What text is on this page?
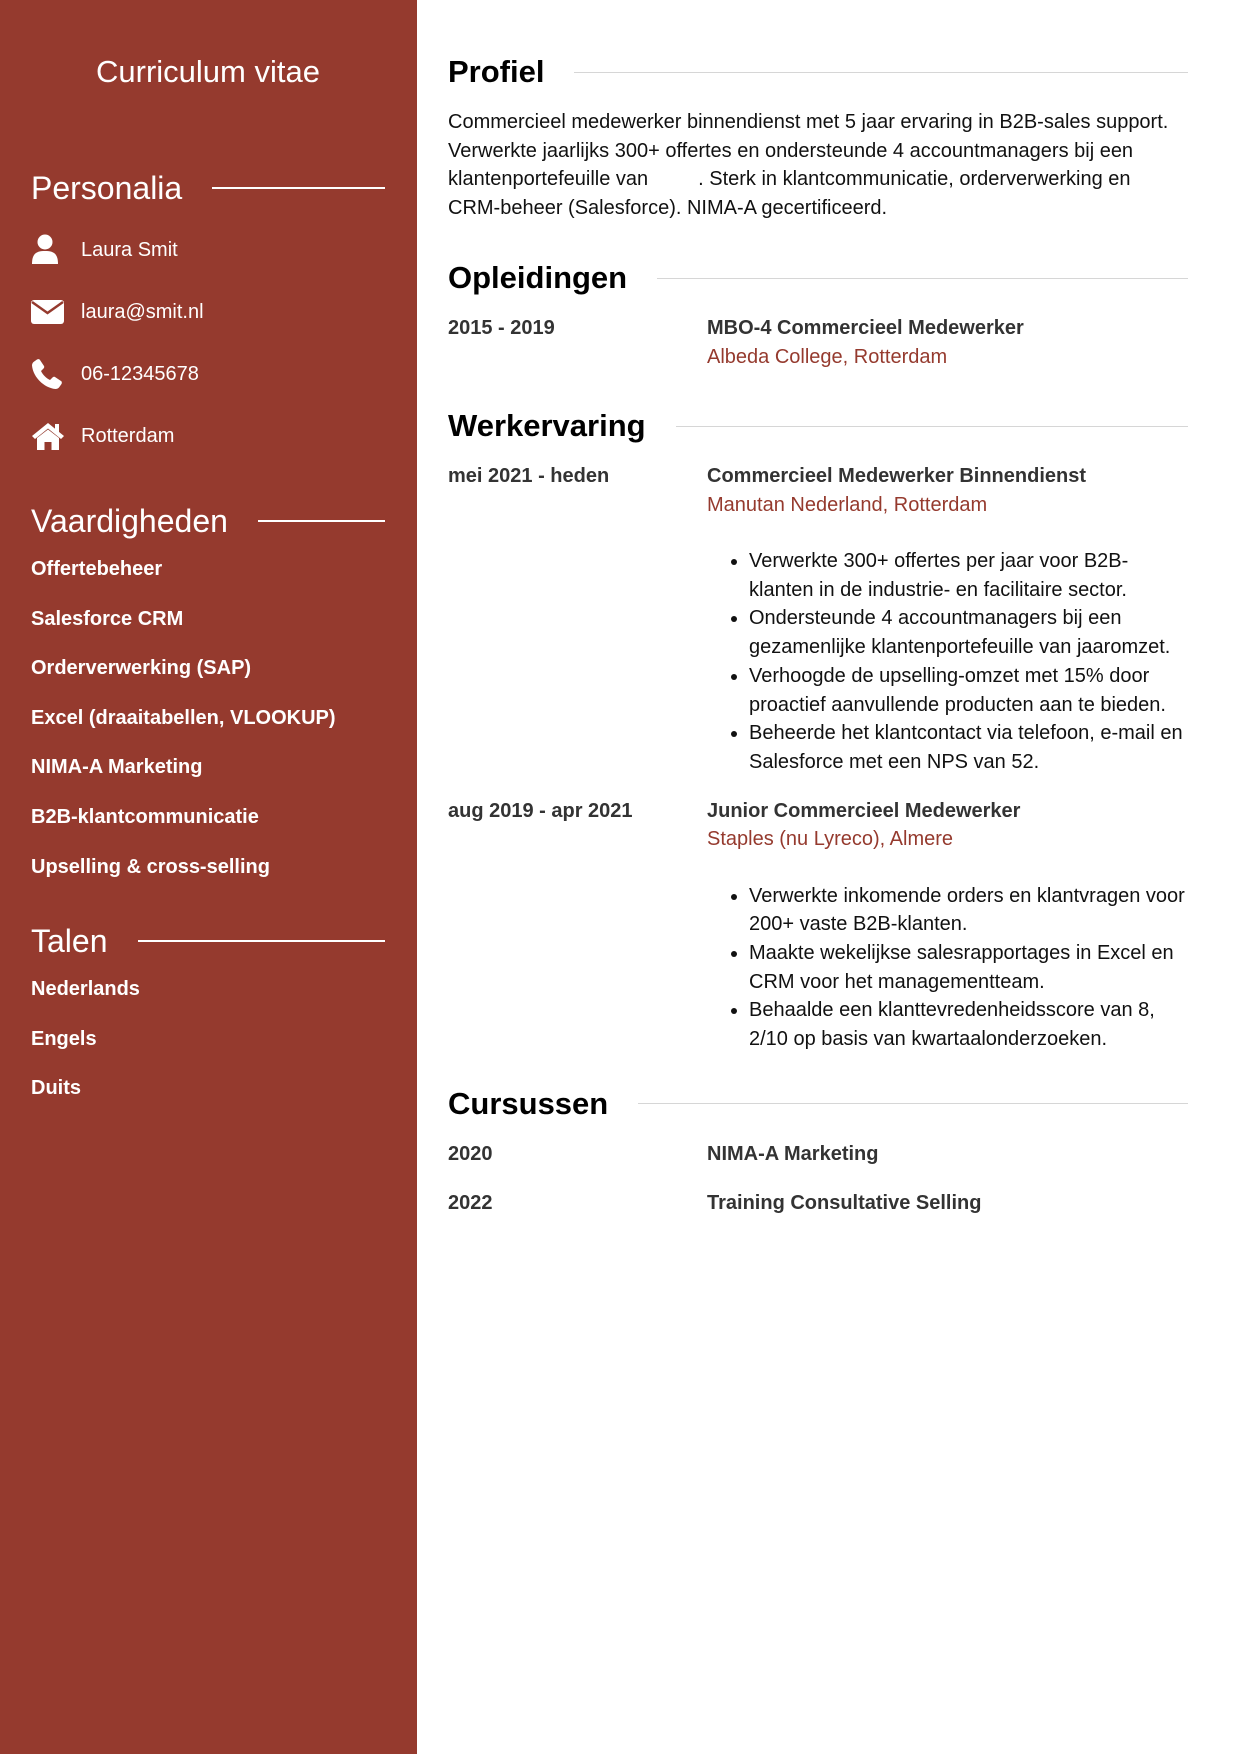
Curriculum vitae
Personalia
Laura Smit
laura@smit.nl
06-12345678
Rotterdam
Vaardigheden
Offertebeheer
Salesforce CRM
Orderverwerking (SAP)
Excel (draaitabellen, VLOOKUP)
NIMA-A Marketing
B2B-klantcommunicatie
Upselling & cross-selling
Talen
Nederlands
Engels
Duits
Profiel

Commercieel medewerker binnendienst met 5 jaar ervaring in B2B-sales support. Verwerkte jaarlijks 300+ offertes en ondersteunde 4 accountmanagers bij een klantenportefeuille van	. Sterk in klantcommunicatie, orderverwerking en CRM-beheer (Salesforce). NIMA-A gecertificeerd.

Opleidingen
2015 - 2019	MBO-4 Commercieel Medewerker
Albeda College, Rotterdam
Werkervaring
mei 2021 - heden	Commercieel Medewerker Binnendienst
Manutan Nederland, Rotterdam
• Verwerkte 300+ offertes per jaar voor B2B-klanten in de industrie- en facilitaire sector.
• Ondersteunde 4 accountmanagers bij een gezamenlijke klantenportefeuille van jaaromzet.
• Verhoogde de upselling-omzet met 15% door proactief aanvullende producten aan te bieden.
• Beheerde het klantcontact via telefoon, e-mail en Salesforce met een NPS van 52.
aug 2019 - apr 2021	Junior Commercieel Medewerker
Staples (nu Lyreco), Almere
• Verwerkte inkomende orders en klantvragen voor 200+ vaste B2B-klanten.
• Maakte wekelijkse salesrapportages in Excel en CRM voor het managementteam.
• Behaalde een klanttevredenheidsscore van 8, 2/10 op basis van kwartaalonderzoeken.
Cursussen
2020	NIMA-A Marketing
2022	Training Consultative Selling
